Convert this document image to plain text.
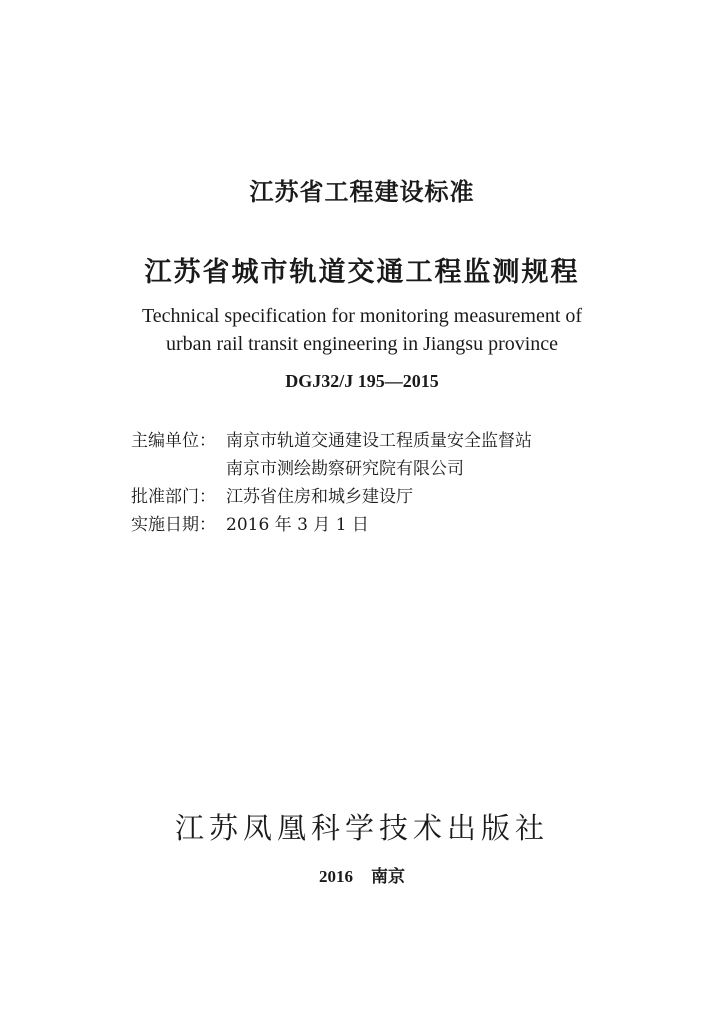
江苏省工程建设标准
江苏省城市轨道交通工程监测规程
Technical specification for monitoring measurement of
urban rail transit engineering in Jiangsu province
DGJ32/J 195—2015
主编单位： 南京市轨道交通建设工程质量安全监督站
南京市测绘勘察研究院有限公司
批准部门： 江苏省住房和城乡建设厅
实施日期： 2016 年 3 月 1 日
江苏凤凰科学技术出版社
2016 南京
